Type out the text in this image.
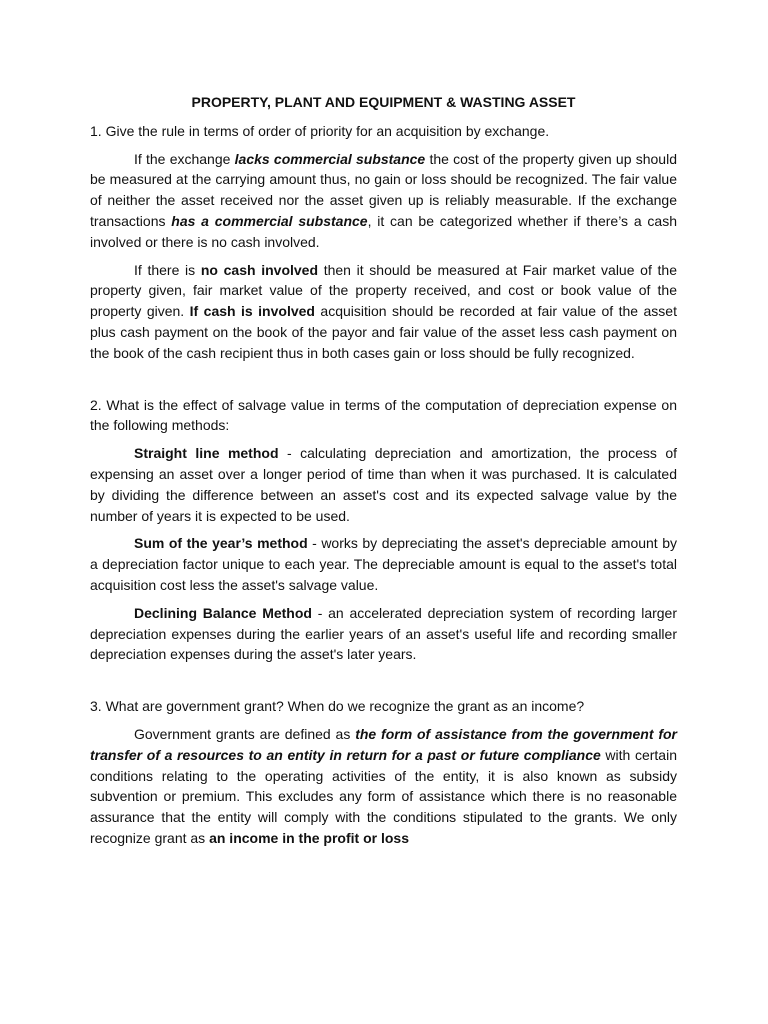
PROPERTY, PLANT AND EQUIPMENT & WASTING ASSET

1. Give the rule in terms of order of priority for an acquisition by exchange.

If the exchange lacks commercial substance the cost of the property given up should be measured at the carrying amount thus, no gain or loss should be recognized. The fair value of neither the asset received nor the asset given up is reliably measurable. If the exchange transactions has a commercial substance, it can be categorized whether if there’s a cash involved or there is no cash involved.

If there is no cash involved then it should be measured at Fair market value of the property given, fair market value of the property received, and cost or book value of the property given. If cash is involved acquisition should be recorded at fair value of the asset plus cash payment on the book of the payor and fair value of the asset less cash payment on the book of the cash recipient thus in both cases gain or loss should be fully recognized.

2. What is the effect of salvage value in terms of the computation of depreciation expense on the following methods:

Straight line method - calculating depreciation and amortization, the process of expensing an asset over a longer period of time than when it was purchased. It is calculated by dividing the difference between an asset's cost and its expected salvage value by the number of years it is expected to be used.

Sum of the year’s method - works by depreciating the asset's depreciable amount by a depreciation factor unique to each year. The depreciable amount is equal to the asset's total acquisition cost less the asset's salvage value.

Declining Balance Method - an accelerated depreciation system of recording larger depreciation expenses during the earlier years of an asset's useful life and recording smaller depreciation expenses during the asset's later years.

3. What are government grant? When do we recognize the grant as an income?

Government grants are defined as the form of assistance from the government for transfer of a resources to an entity in return for a past or future compliance with certain conditions relating to the operating activities of the entity, it is also known as subsidy subvention or premium. This excludes any form of assistance which there is no reasonable assurance that the entity will comply with the conditions stipulated to the grants. We only recognize grant as an income in the profit or loss
